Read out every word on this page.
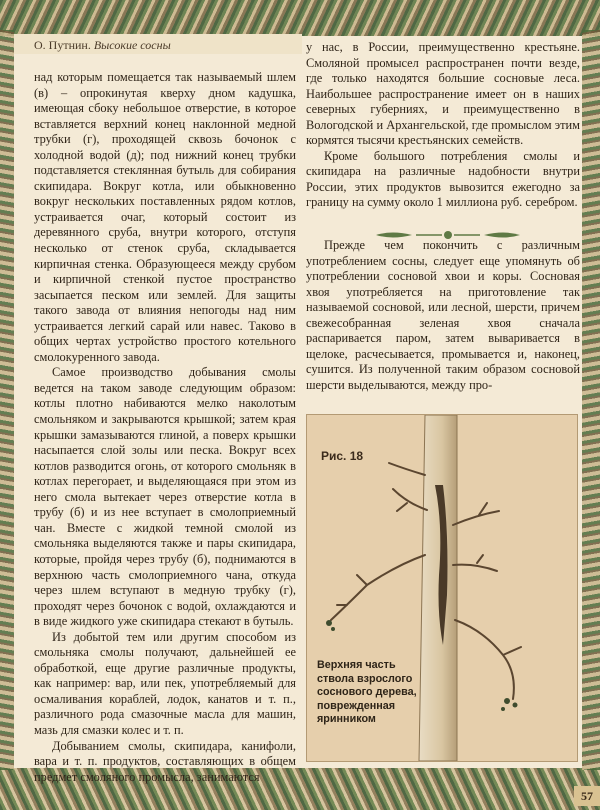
О. Путнин. Высокие сосны

над которым помещается так называемый шлем (в) – опрокинутая кверху дном кадушка, имеющая сбоку небольшое отверстие, в которое вставляется верхний конец наклонной медной трубки (г), проходящей сквозь бочонок с холодной водой (д); под нижний конец трубки подставляется стеклянная бутыль для собирания скипидара. Вокруг котла, или обыкновенно вокруг нескольких поставленных рядом котлов, устраивается очаг, который состоит из деревянного сруба, внутри которого, отступя несколько от стенок сруба, складывается кирпичная стенка. Образующееся между срубом и кирпичной стенкой пустое пространство засыпается песком или землей. Для защиты такого завода от влияния непогоды над ним устраивается легкий сарай или навес. Таково в общих чертах устройство простого котельного смолокуренного завода.

Самое производство добывания смолы ведется на таком заводе следующим образом: котлы плотно набиваются мелко наколотым смольняком и закрываются крышкой; затем края крышки замазываются глиной, а поверх крышки насыпается слой золы или песка. Вокруг всех котлов разводится огонь, от которого смольняк в котлах перегорает, и выделяющаяся при этом из него смола вытекает через отверстие котла в трубу (б) и из нее вступает в смолоприемный чан. Вместе с жидкой темной смолой из смольняка выделяются также и пары скипидара, которые, пройдя через трубу (б), поднимаются в верхнюю часть смолоприемного чана, откуда через шлем вступают в медную трубку (г), проходят через бочонок с водой, охлаждаются и в виде жидкого уже скипидара стекают в бутыль.

Из добытой тем или другим способом из смольняка смолы получают, дальнейшей ее обработкой, еще другие различные продукты, как например: вар, или пек, употребляемый для осмаливания кораблей, лодок, канатов и т. п., различного рода смазочные масла для машин, мазь для смазки колес и т. п.

Добыванием смолы, скипидара, канифоли, вара и т. п. продуктов, составляющих в общем предмет смоляного промысла, занимаются

у нас, в России, преимущественно крестьяне. Смоляной промысел распространен почти везде, где только находятся большие сосновые леса. Наибольшее распространение имеет он в наших северных губерниях, и преимущественно в Вологодской и Архангельской, где промыслом этим кормятся тысячи крестьянских семейств.

Кроме большого потребления смолы и скипидара на различные надобности внутри России, этих продуктов вывозится ежегодно за границу на сумму около 1 миллиона руб. серебром.

Прежде чем покончить с различным употреблением сосны, следует еще упомянуть об употреблении сосновой хвои и коры. Сосновая хвоя употребляется на приготовление так называемой сосновой, или лесной, шерсти, причем свежесобранная зеленая хвоя сначала распаривается паром, затем вываривается в щелоке, расчесывается, промывается и, наконец, сушится. Из полученной таким образом сосновой шерсти выделываются, между про-

Рис. 18
Верхняя часть ствола взрослого соснового дерева, поврежденная яринником
57
